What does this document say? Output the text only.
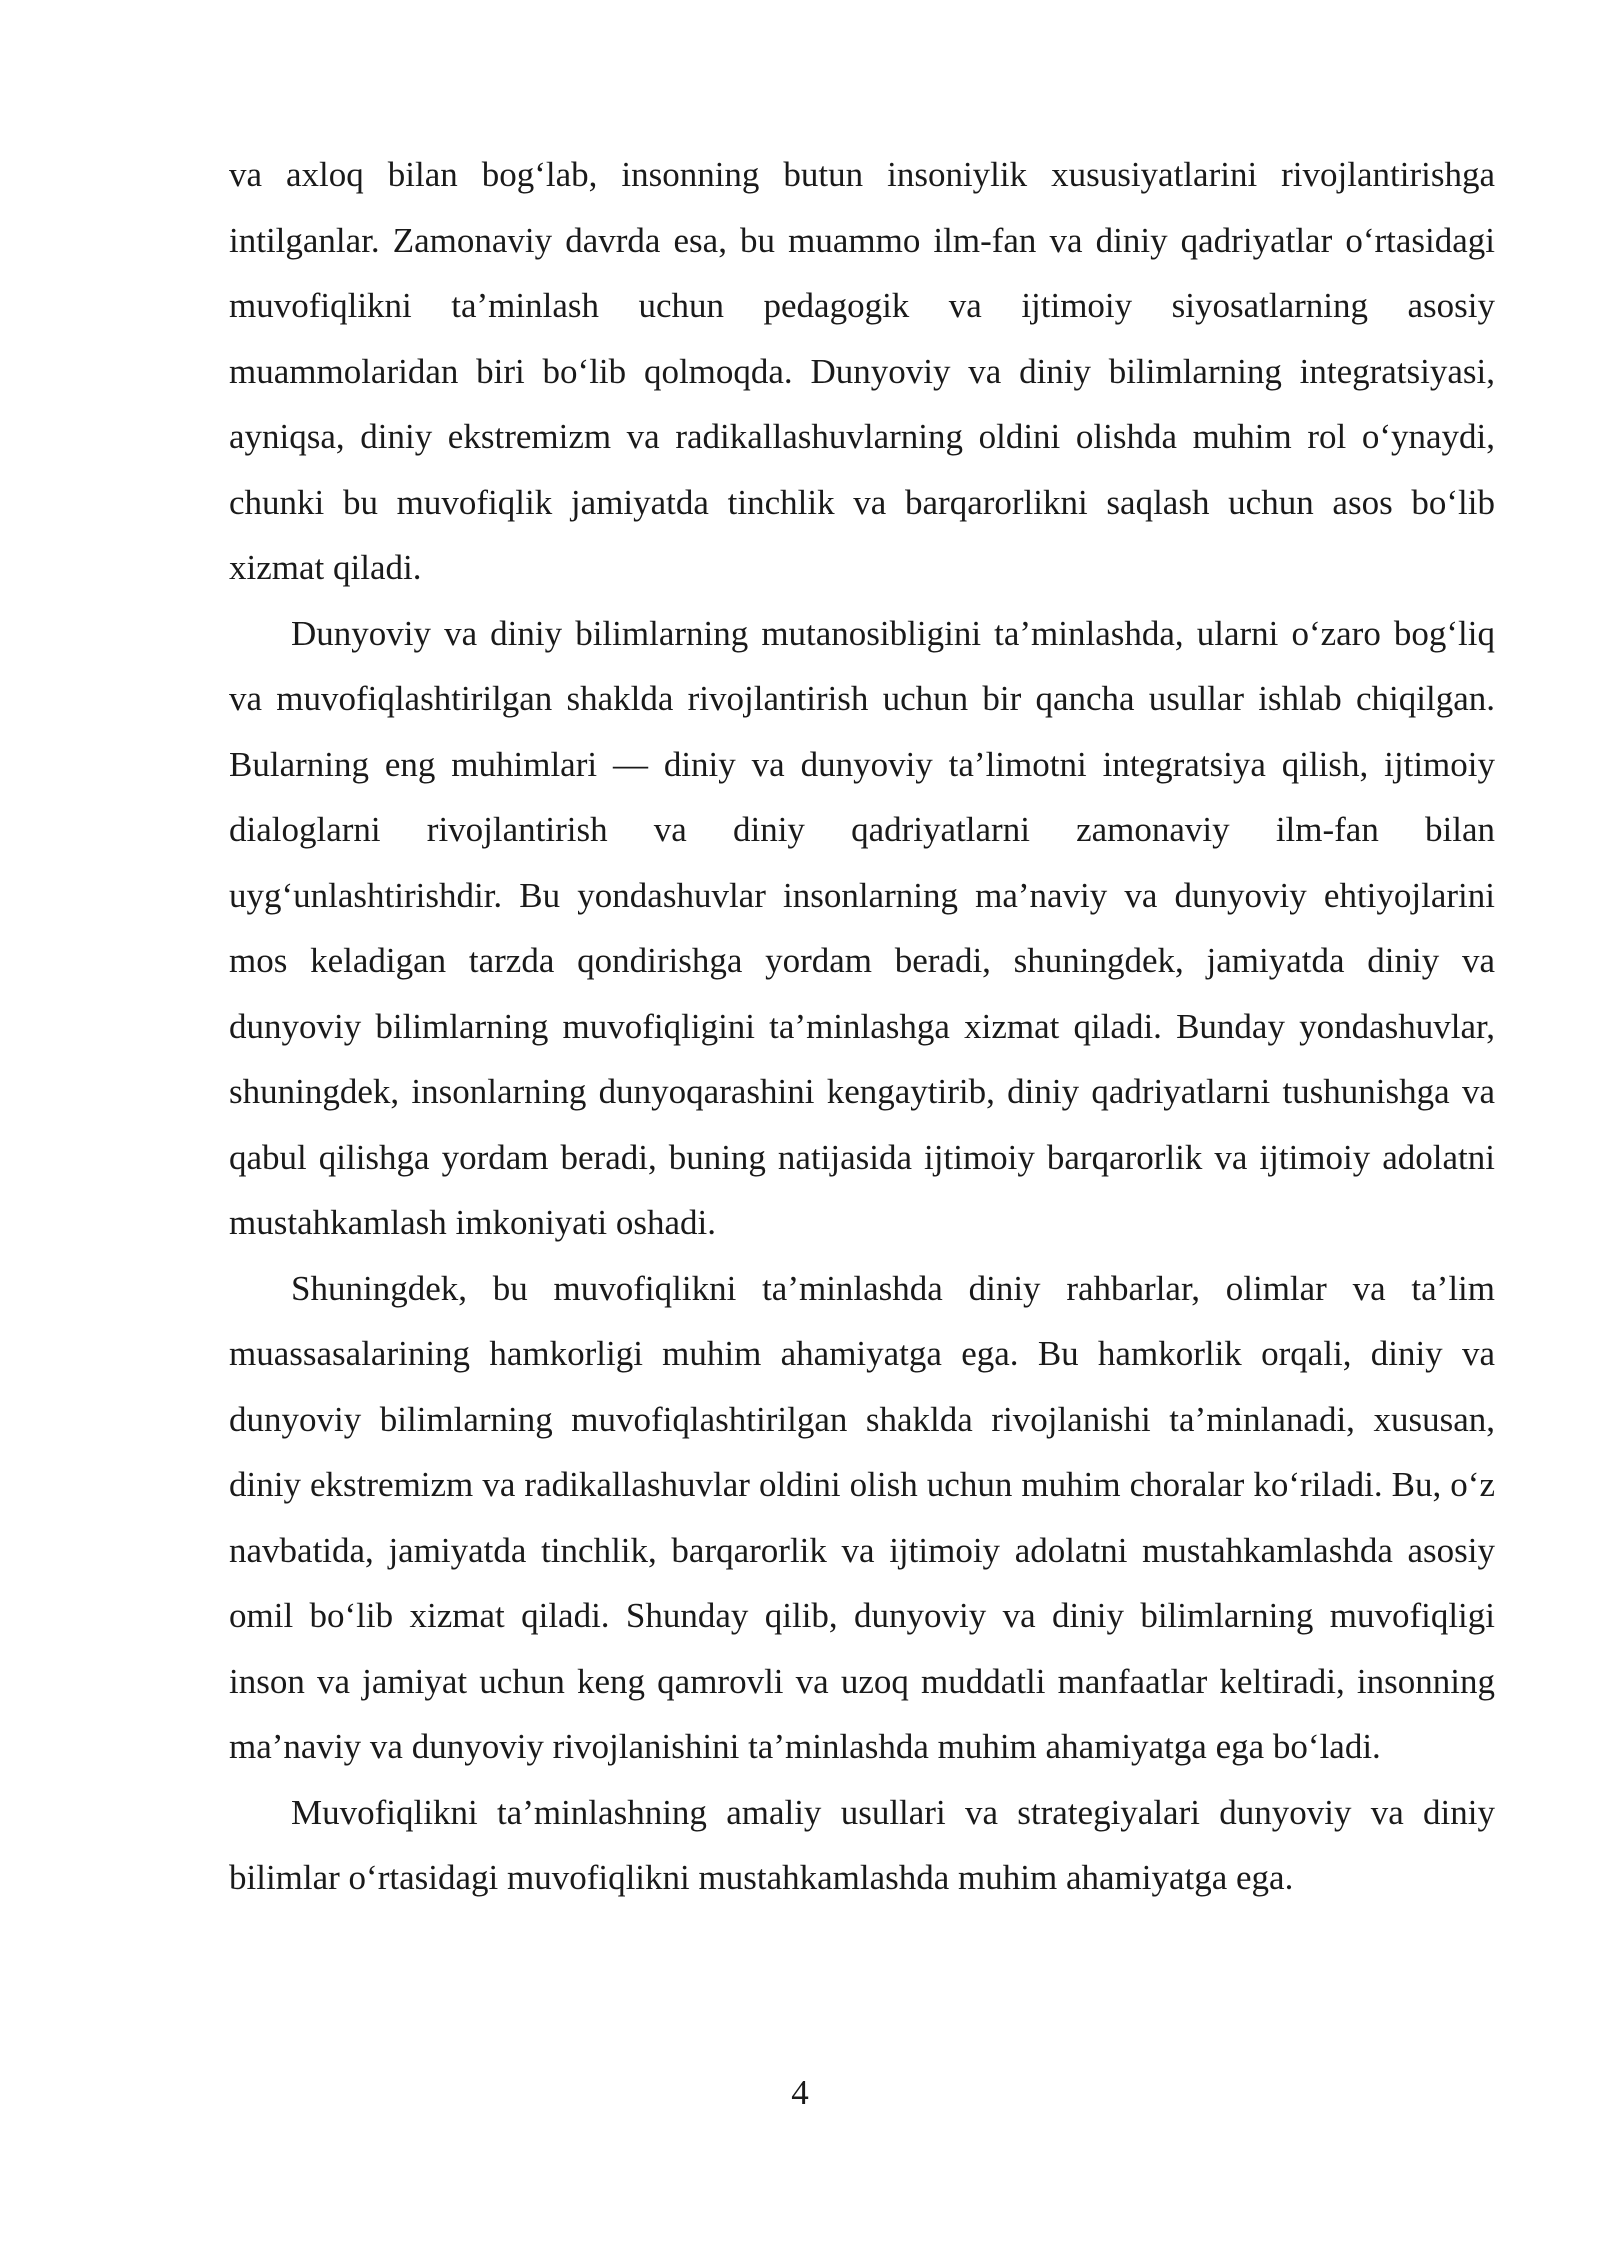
va axloq bilan bog‘lab, insonning butun insoniylik xususiyatlarini rivojlantirishga intilganlar. Zamonaviy davrda esa, bu muammo ilm-fan va diniy qadriyatlar o‘rtasidagi muvofiqlikni ta’minlash uchun pedagogik va ijtimoiy siyosatlarning asosiy muammolaridan biri bo‘lib qolmoqda. Dunyoviy va diniy bilimlarning integratsiyasi, ayniqsa, diniy ekstremizm va radikallashuvlarning oldini olishda muhim rol o‘ynaydi, chunki bu muvofiqlik jamiyatda tinchlik va barqarorlikni saqlash uchun asos bo‘lib xizmat qiladi.

Dunyoviy va diniy bilimlarning mutanosibligini ta’minlashda, ularni o‘zaro bog‘liq va muvofiqlashtirilgan shaklda rivojlantirish uchun bir qancha usullar ishlab chiqilgan. Bularning eng muhimlari — diniy va dunyoviy ta’limotni integratsiya qilish, ijtimoiy dialoglarni rivojlantirish va diniy qadriyatlarni zamonaviy ilm-fan bilan uyg‘unlashtirishdir. Bu yondashuvlar insonlarning ma’naviy va dunyoviy ehtiyojlarini mos keladigan tarzda qondirishga yordam beradi, shuningdek, jamiyatda diniy va dunyoviy bilimlarning muvofiqligini ta’minlashga xizmat qiladi. Bunday yondashuvlar, shuningdek, insonlarning dunyoqarashini kengaytirib, diniy qadriyatlarni tushunishga va qabul qilishga yordam beradi, buning natijasida ijtimoiy barqarorlik va ijtimoiy adolatni mustahkamlash imkoniyati oshadi.

Shuningdek, bu muvofiqlikni ta’minlashda diniy rahbarlar, olimlar va ta’lim muassasalarining hamkorligi muhim ahamiyatga ega. Bu hamkorlik orqali, diniy va dunyoviy bilimlarning muvofiqlashtirilgan shaklda rivojlanishi ta’minlanadi, xususan, diniy ekstremizm va radikallashuvlar oldini olish uchun muhim choralar ko‘riladi. Bu, o‘z navbatida, jamiyatda tinchlik, barqarorlik va ijtimoiy adolatni mustahkamlashda asosiy omil bo‘lib xizmat qiladi. Shunday qilib, dunyoviy va diniy bilimlarning muvofiqligi inson va jamiyat uchun keng qamrovli va uzoq muddatli manfaatlar keltiradi, insonning ma’naviy va dunyoviy rivojlanishini ta’minlashda muhim ahamiyatga ega bo‘ladi.

Muvofiqlikni ta’minlashning amaliy usullari va strategiyalari dunyoviy va diniy bilimlar o‘rtasidagi muvofiqlikni mustahkamlashda muhim ahamiyatga ega.

4
